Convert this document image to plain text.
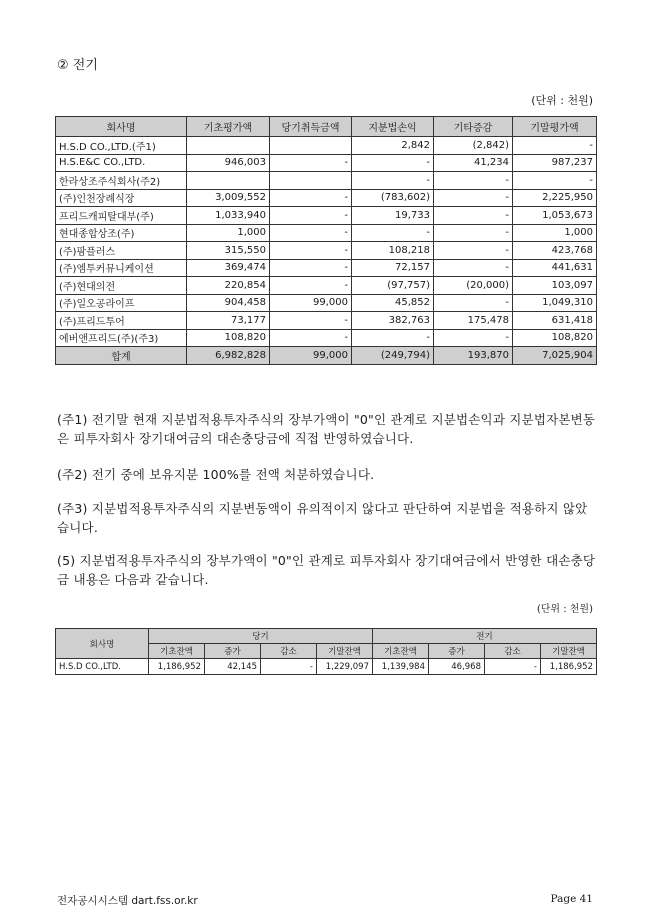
② 전기
(단위 : 천원)
회사명	기초평가액	당기취득금액	지분법손익	기타증감	기말평가액
H.S.D CO.,LTD.(주1)			2,842	(2,842)	-
H.S.E&C CO.,LTD.	946,003	-	-	41,234	987,237
한라상조주식회사(주2)			-	-	-
(주)인천장례식장	3,009,552	-	(783,602)	-	2,225,950
프리드캐피탈대부(주)	1,033,940	-	19,733	-	1,053,673
현대종합상조(주)	1,000	-	-	-	1,000
(주)팜플러스	315,550	-	108,218	-	423,768
(주)엠투커뮤니케이션	369,474	-	72,157	-	441,631
(주)현대의전	220,854	-	(97,757)	(20,000)	103,097
(주)일오공라이프	904,458	99,000	45,852	-	1,049,310
(주)프리드투어	73,177	-	382,763	175,478	631,418
에버앤프리드(주)(주3)	108,820	-	-	-	108,820
합계	6,982,828	99,000	(249,794)	193,870	7,025,904

(주1) 전기말 현재 지분법적용투자주식의 장부가액이 "0"인 관계로 지분법손익과 지분법자본변동은 피투자회사 장기대여금의 대손충당금에 직접 반영하였습니다.

(주2) 전기 중에 보유지분 100%를 전액 처분하였습니다.

(주3) 지분법적용투자주식의 지분변동액이 유의적이지 않다고 판단하여 지분법을 적용하지 않았습니다.

(5) 지분법적용투자주식의 장부가액이 "0"인 관계로 피투자회사 장기대여금에서 반영한 대손충당금 내용은 다음과 같습니다.

(단위 : 천원)
회사명	당기				전기			
	기초잔액	증가	감소	기말잔액	기초잔액	증가	감소	기말잔액
H.S.D CO.,LTD.	1,186,952	42,145	-	1,229,097	1,139,984	46,968	-	1,186,952
전자공시시스템 dart.fss.or.kr	Page 41
